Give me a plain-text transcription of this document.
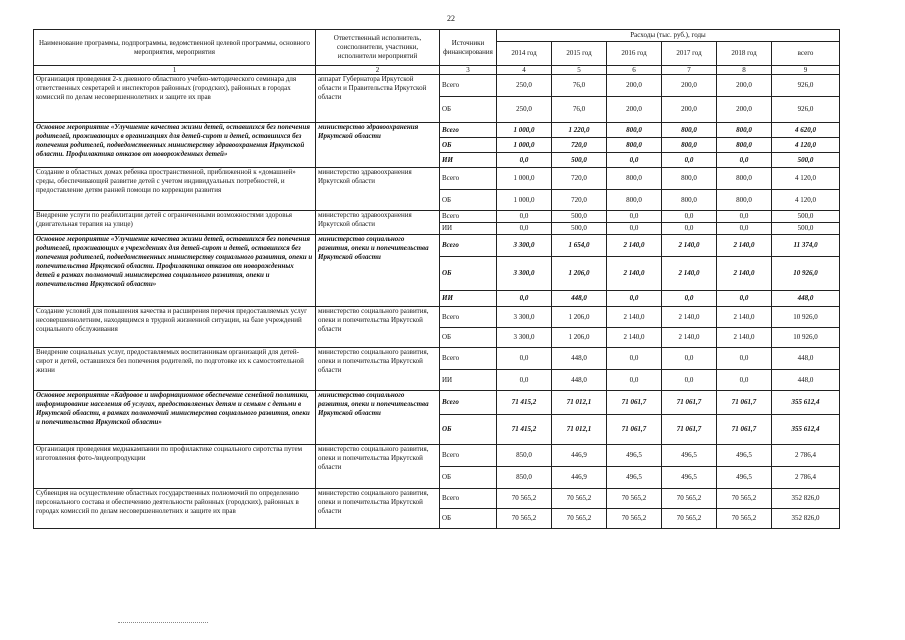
22
Наименование программы, подпрограммы, ведомственной целевой программы, основного мероприятия, мероприятия	Ответственный исполнитель, соисполнители, участники, исполнители мероприятий	Источники финансирования	Расходы (тыс. руб.), годы					
			2014 год	2015 год	2016 год	2017 год	2018 год	всего
1	2	3	4	5	6	7	8	9
Организация проведения 2-х дневного областного учебно-методического семинара для ответственных секретарей и инспекторов районных (городских), районных в городах комиссий по делам несовершеннолетних и защите их прав	аппарат Губернатора Иркутской области и Правительства Иркутской области	Всего	250,0	76,0	200,0	200,0	200,0	926,0
		ОБ	250,0	76,0	200,0	200,0	200,0	926,0
Основное мероприятие «Улучшение качества жизни детей, оставшихся без попечения родителей, проживающих в организациях для детей-сирот и детей, оставшихся без попечения родителей, подведомственных министерству здравоохранения Иркутской области. Профилактика отказов от новорожденных детей»	министерство здравоохранения Иркутской области	Всего	1 000,0	1 220,0	800,0	800,0	800,0	4 620,0
		ОБ	1 000,0	720,0	800,0	800,0	800,0	4 120,0
		ИИ	0,0	500,0	0,0	0,0	0,0	500,0
Создание в областных домах ребенка пространственной, приближенной к «домашней» среды, обеспечивающей развитие детей с учетом индивидуальных потребностей, и предоставление детям ранней помощи по коррекции развития	министерство здравоохранения Иркутской области	Всего	1 000,0	720,0	800,0	800,0	800,0	4 120,0
		ОБ	1 000,0	720,0	800,0	800,0	800,0	4 120,0
Внедрение услуги по реабилитации детей с ограниченными возможностями здоровья (двигательная терапия на улице)	министерство здравоохранения Иркутской области	Всего	0,0	500,0	0,0	0,0	0,0	500,0
		ИИ	0,0	500,0	0,0	0,0	0,0	500,0
Основное мероприятие «Улучшение качества жизни детей, оставшихся без попечения родителей, проживающих в учреждениях для детей-сирот и детей, оставшихся без попечения родителей, подведомственных министерству социального развития, опеки и попечительства Иркутской области. Профилактика отказов от новорожденных детей в рамках полномочий министерства социального развития, опеки и попечительства Иркутской области»	министерство социального развития, опеки и попечительства Иркутской области	Всего	3 300,0	1 654,0	2 140,0	2 140,0	2 140,0	11 374,0
		ОБ	3 300,0	1 206,0	2 140,0	2 140,0	2 140,0	10 926,0
		ИИ	0,0	448,0	0,0	0,0	0,0	448,0
Создание условий для повышения качества и расширения перечня предоставляемых услуг несовершеннолетним, находящимся в трудной жизненной ситуации, на базе учреждений социального обслуживания	министерство социального развития, опеки и попечительства Иркутской области	Всего	3 300,0	1 206,0	2 140,0	2 140,0	2 140,0	10 926,0
		ОБ	3 300,0	1 206,0	2 140,0	2 140,0	2 140,0	10 926,0
Внедрение социальных услуг, предоставляемых воспитанникам организаций для детей-сирот и детей, оставшихся без попечения родителей, по подготовке их к самостоятельной жизни	министерство социального развития, опеки и попечительства Иркутской области	Всего	0,0	448,0	0,0	0,0	0,0	448,0
		ИИ	0,0	448,0	0,0	0,0	0,0	448,0
Основное мероприятие «Кадровое и информационное обеспечение семейной политики, информирование населения об услугах, предоставляемых детям и семьям с детьми в Иркутской области, в рамках полномочий министерства социального развития, опеки и попечительства Иркутской области»	министерство социального развития, опеки и попечительства Иркутской области	Всего	71 415,2	71 012,1	71 061,7	71 061,7	71 061,7	355 612,4
		ОБ	71 415,2	71 012,1	71 061,7	71 061,7	71 061,7	355 612,4
Организация проведения медиакампании по профилактике социального сиротства путем изготовления фото-/видеопродукции	министерство социального развития, опеки и попечительства Иркутской области	Всего	850,0	446,9	496,5	496,5	496,5	2 786,4
		ОБ	850,0	446,9	496,5	496,5	496,5	2 786,4
Субвенция на осуществление областных государственных полномочий по определению персонального состава и обеспечению деятельности районных (городских), районных в городах комиссий по делам несовершеннолетних и защите их прав	министерство социального развития, опеки и попечительства Иркутской области	Всего	70 565,2	70 565,2	70 565,2	70 565,2	70 565,2	352 826,0
		ОБ	70 565,2	70 565,2	70 565,2	70 565,2	70 565,2	352 826,0
